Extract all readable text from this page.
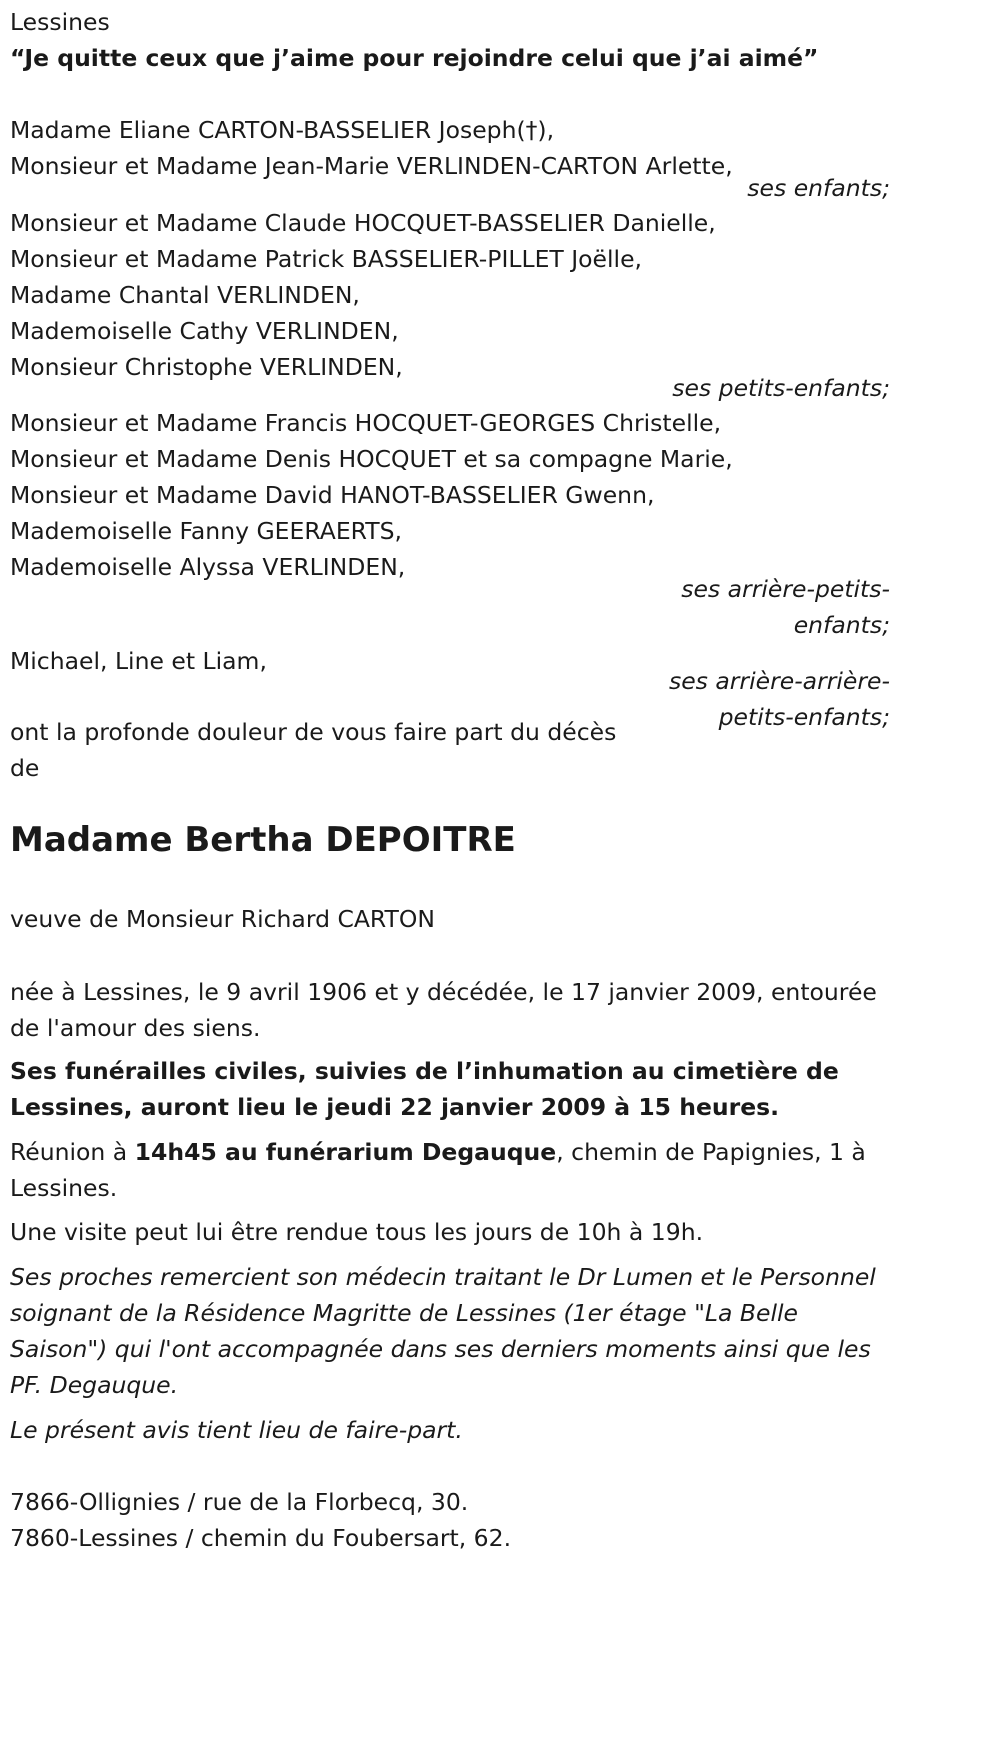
Lessines
“Je quitte ceux que j’aime pour rejoindre celui que j’ai aimé”
Madame Eliane CARTON-BASSELIER Joseph(†),
Monsieur et Madame Jean-Marie VERLINDEN-CARTON Arlette,
ses enfants;
Monsieur et Madame Claude HOCQUET-BASSELIER Danielle,
Monsieur et Madame Patrick BASSELIER-PILLET Joëlle,
Madame Chantal VERLINDEN,
Mademoiselle Cathy VERLINDEN,
Monsieur Christophe VERLINDEN,
ses petits-enfants;
Monsieur et Madame Francis HOCQUET-GEORGES Christelle,
Monsieur et Madame Denis HOCQUET et sa compagne Marie,
Monsieur et Madame David HANOT-BASSELIER Gwenn,
Mademoiselle Fanny GEERAERTS,
Mademoiselle Alyssa VERLINDEN,
ses arrière-petits-
enfants;
Michael, Line et Liam,
ses arrière-arrière-
petits-enfants;
ont la profonde douleur de vous faire part du décès
de
Madame Bertha DEPOITRE
veuve de Monsieur Richard CARTON
née à Lessines, le 9 avril 1906 et y décédée, le 17 janvier 2009, entourée de l'amour des siens.
Ses funérailles civiles, suivies de l’inhumation au cimetière de Lessines, auront lieu le jeudi 22 janvier 2009 à 15 heures.
Réunion à 14h45 au funérarium Degauque, chemin de Papignies, 1 à Lessines.
Une visite peut lui être rendue tous les jours de 10h à 19h.
Ses proches remercient son médecin traitant le Dr Lumen et le Personnel soignant de la Résidence Magritte de Lessines (1er étage "La Belle Saison") qui l'ont accompagnée dans ses derniers moments ainsi que les PF. Degauque.
Le présent avis tient lieu de faire-part.
7866-Ollignies / rue de la Florbecq, 30.
7860-Lessines / chemin du Foubersart, 62.
